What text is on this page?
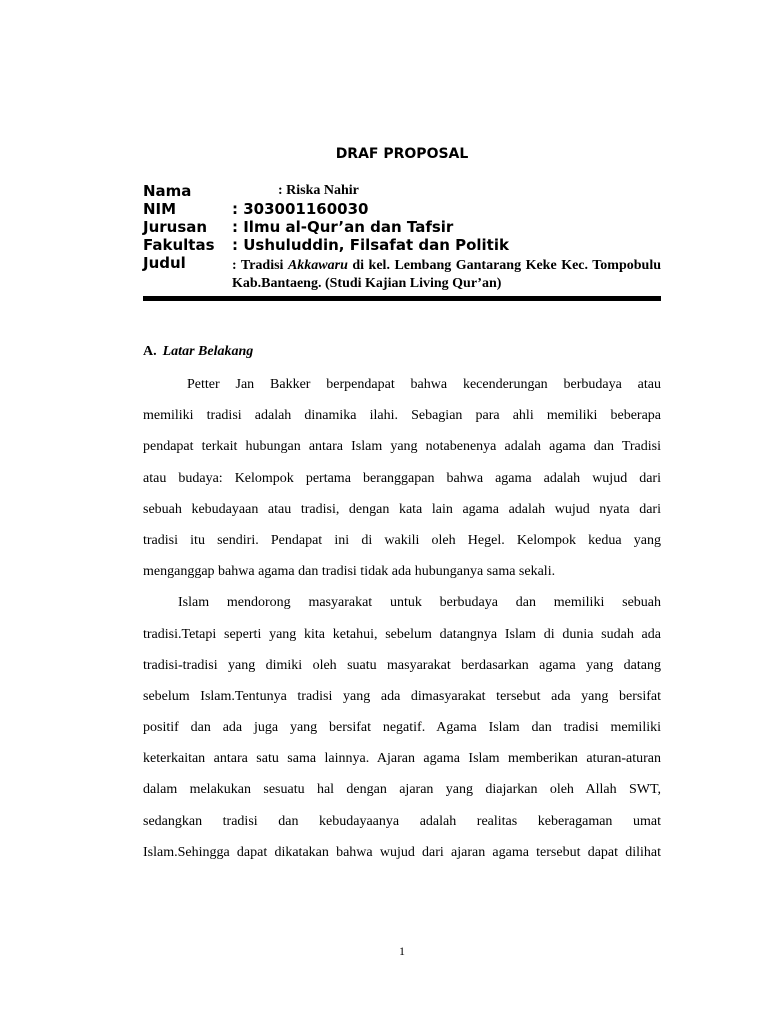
DRAF PROPOSAL
Nama	: Riska Nahir
NIM	: 303001160030
Jurusan : Ilmu al-Qur’an dan Tafsir
Fakultas : Ushuluddin, Filsafat dan Politik
Judul	: Tradisi Akkawaru di kel. Lembang Gantarang Keke Kec. Tompobulu Kab.Bantaeng. (Studi Kajian Living Qur’an)
A. Latar Belakang
Petter Jan Bakker berpendapat bahwa kecenderungan berbudaya atau
memiliki tradisi adalah dinamika ilahi. Sebagian para ahli memiliki beberapa
pendapat terkait hubungan antara Islam yang notabenenya adalah agama dan Tradisi
atau budaya: Kelompok pertama beranggapan bahwa agama adalah wujud dari
sebuah kebudayaan atau tradisi, dengan kata lain agama adalah wujud nyata dari
tradisi itu sendiri. Pendapat ini di wakili oleh Hegel. Kelompok kedua yang
menganggap bahwa agama dan tradisi tidak ada hubunganya sama sekali.
Islam mendorong masyarakat untuk berbudaya dan memiliki sebuah
tradisi.Tetapi seperti yang kita ketahui, sebelum datangnya Islam di dunia sudah ada
tradisi-tradisi yang dimiki oleh suatu masyarakat berdasarkan agama yang datang
sebelum Islam.Tentunya tradisi yang ada dimasyarakat tersebut ada yang bersifat
positif dan ada juga yang bersifat negatif. Agama Islam dan tradisi memiliki
keterkaitan antara satu sama lainnya. Ajaran agama Islam memberikan aturan-aturan
dalam melakukan sesuatu hal dengan ajaran yang diajarkan oleh Allah SWT,
sedangkan tradisi dan kebudayaanya adalah realitas keberagaman umat
Islam.Sehingga dapat dikatakan bahwa wujud dari ajaran agama tersebut dapat dilihat
1
